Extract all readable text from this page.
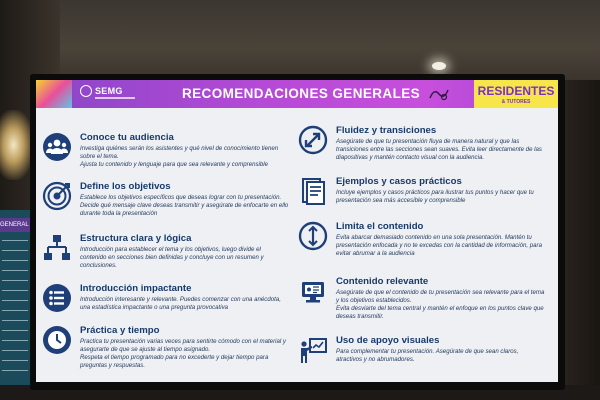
GENERAL
SEMG	RECOMENDACIONES GENERALES	RESIDENTES
& TUTORES
Conoce tu audiencia
Investiga quiénes serán los asistentes y qué nivel de conocimiento tienen
sobre el tema.
Ajusta tu contenido y lenguaje para que sea relevante y comprensible
Define los objetivos
Establece los objetivos específicos que deseas lograr con tu presentación.
Decide qué mensaje clave deseas transmitir y asegúrate de enfocarte en ello
durante toda la presentación
Estructura clara y lógica
Introducción para establecer el tema y los objetivos, luego divide el
contenido en secciones bien definidas y concluye con un resumen y
conclusiones.
Introducción impactante
Introducción interesante y relevante. Puedes comenzar con una anécdota,
una estadística impactante o una pregunta provocativa
Práctica y tiempo
Practica tu presentación varias veces para sentirte cómodo con el material y
asegurarte de que se ajuste al tiempo asignado.
Respeta el tiempo programado para no excederte y dejar tiempo para
preguntas y respuestas.
Fluidez y transiciones
Asegúrate de que tu presentación fluya de manera natural y que las
transiciones entre las secciones sean suaves. Evita leer directamente de las
diapositivas y mantén contacto visual con la audiencia.
Ejemplos y casos prácticos
Incluye ejemplos y casos prácticos para ilustrar tus puntos y hacer que tu
presentación sea más accesible y comprensible
Limita el contenido
Evita abarcar demasiado contenido en una sola presentación. Mantén tu
presentación enfocada y no te excedas con la cantidad de información, para
evitar abrumar a la audiencia
Contenido relevante
Asegúrate de que el contenido de tu presentación sea relevante para el tema
y los objetivos establecidos.
Evita desviarte del tema central y mantén el enfoque en los puntos clave que
deseas transmitir.
Uso de apoyo visuales
Para complementar tu presentación. Asegúrate de que sean claros,
atractivos y no abrumadores.
